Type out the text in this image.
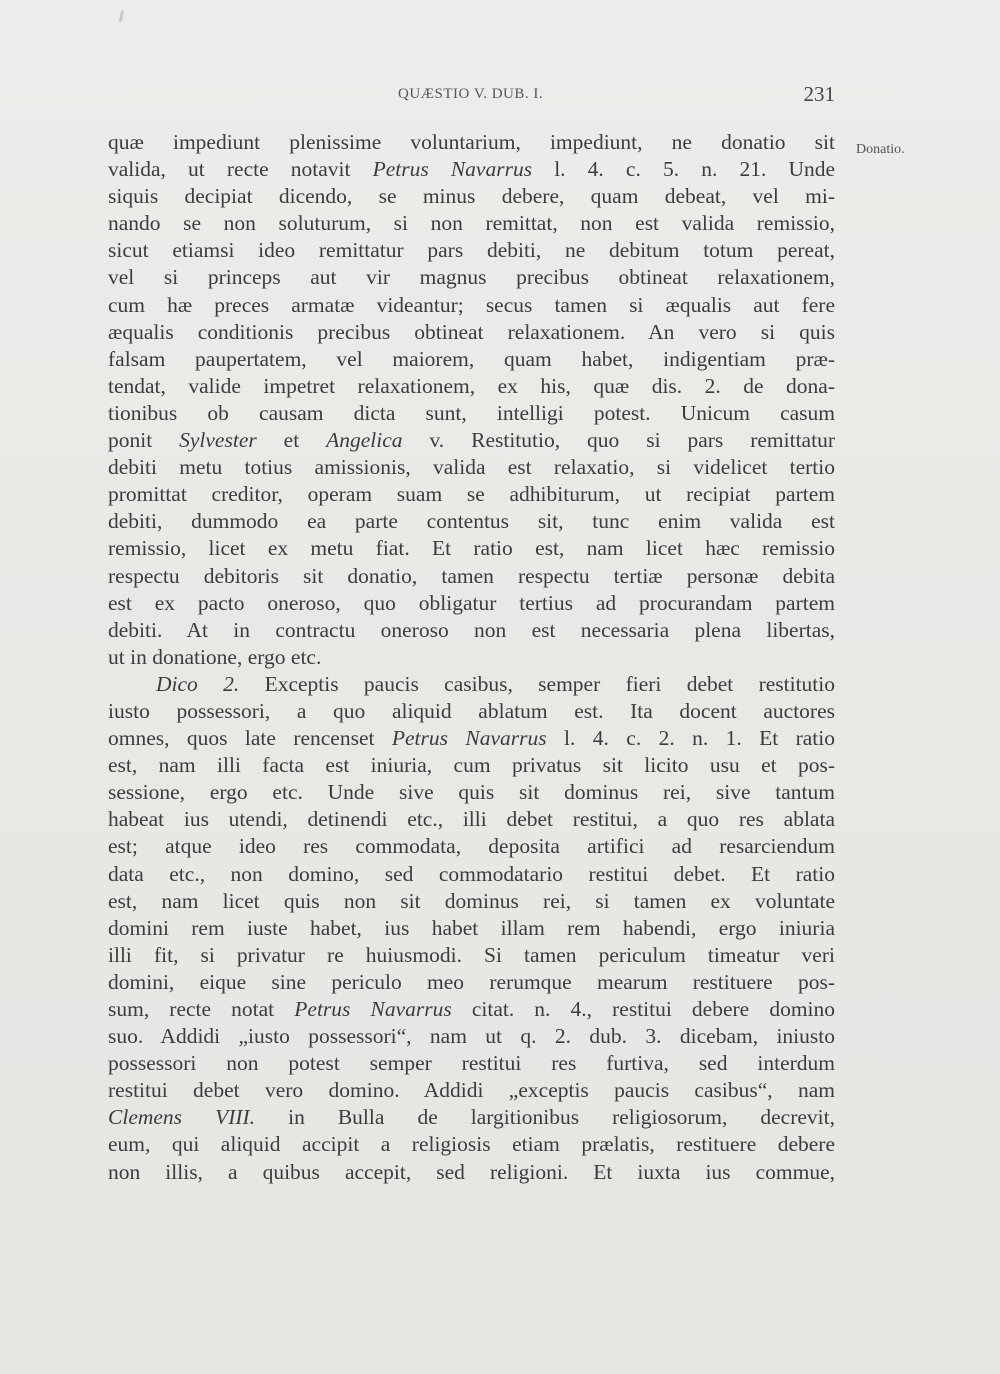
QUÆSTIO V. DUB. I.	231
Donatio.
quæ impediunt plenissime voluntarium, impediunt, ne donatio sit
valida, ut recte notavit Petrus Navarrus l. 4. c. 5. n. 21. Unde
siquis decipiat dicendo, se minus debere, quam debeat, vel mi-
nando se non soluturum, si non remittat, non est valida remissio,
sicut etiamsi ideo remittatur pars debiti, ne debitum totum pereat,
vel si princeps aut vir magnus precibus obtineat relaxationem,
cum hæ preces armatæ videantur; secus tamen si æqualis aut fere
æqualis conditionis precibus obtineat relaxationem. An vero si quis
falsam paupertatem, vel maiorem, quam habet, indigentiam præ-
tendat, valide impetret relaxationem, ex his, quæ dis. 2. de dona-
tionibus ob causam dicta sunt, intelligi potest. Unicum casum
ponit Sylvester et Angelica v. Restitutio, quo si pars remittatur
debiti metu totius amissionis, valida est relaxatio, si videlicet tertio
promittat creditor, operam suam se adhibiturum, ut recipiat partem
debiti, dummodo ea parte contentus sit, tunc enim valida est
remissio, licet ex metu fiat. Et ratio est, nam licet hæc remissio
respectu debitoris sit donatio, tamen respectu tertiæ personæ debita
est ex pacto oneroso, quo obligatur tertius ad procurandam partem
debiti. At in contractu oneroso non est necessaria plena libertas,
ut in donatione, ergo etc.
Dico 2. Exceptis paucis casibus, semper fieri debet restitutio
iusto possessori, a quo aliquid ablatum est. Ita docent auctores
omnes, quos late rencenset Petrus Navarrus l. 4. c. 2. n. 1. Et ratio
est, nam illi facta est iniuria, cum privatus sit licito usu et pos-
sessione, ergo etc. Unde sive quis sit dominus rei, sive tantum
habeat ius utendi, detinendi etc., illi debet restitui, a quo res ablata
est; atque ideo res commodata, deposita artifici ad resarciendum
data etc., non domino, sed commodatario restitui debet. Et ratio
est, nam licet quis non sit dominus rei, si tamen ex voluntate
domini rem iuste habet, ius habet illam rem habendi, ergo iniuria
illi fit, si privatur re huiusmodi. Si tamen periculum timeatur veri
domini, eique sine periculo meo rerumque mearum restituere pos-
sum, recte notat Petrus Navarrus citat. n. 4., restitui debere domino
suo. Addidi „iusto possessori“, nam ut q. 2. dub. 3. dicebam, iniusto
possessori non potest semper restitui res furtiva, sed interdum
restitui debet vero domino. Addidi „exceptis paucis casibus“, nam
Clemens VIII. in Bulla de largitionibus religiosorum, decrevit,
eum, qui aliquid accipit a religiosis etiam prælatis, restituere debere
non illis, a quibus accepit, sed religioni. Et iuxta ius commue,
